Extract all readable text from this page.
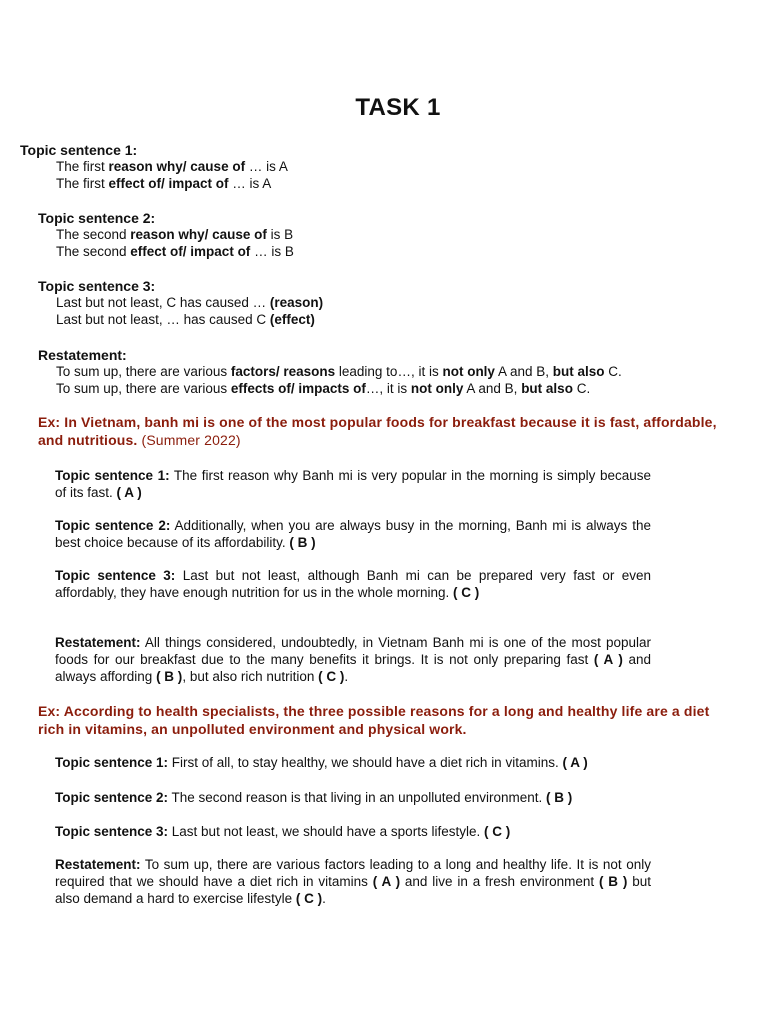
TASK 1
Topic sentence 1:
The first reason why/ cause of … is A
The first effect of/ impact of … is A
Topic sentence 2:
The second reason why/ cause of is B
The second effect of/ impact of … is B
Topic sentence 3:
Last but not least, C has caused … (reason)
Last but not least, … has caused C (effect)
Restatement:
To sum up, there are various factors/ reasons leading to…, it is not only A and B, but also C.
To sum up, there are various effects of/ impacts of…, it is not only A and B, but also C.
Ex: In Vietnam, banh mi is one of the most popular foods for breakfast because it is fast, affordable, and nutritious. (Summer 2022)
Topic sentence 1: The first reason why Banh mi is very popular in the morning is simply because of its fast. ( A )
Topic sentence 2: Additionally, when you are always busy in the morning, Banh mi is always the best choice because of its affordability. ( B )
Topic sentence 3: Last but not least, although Banh mi can be prepared very fast or even affordably, they have enough nutrition for us in the whole morning. ( C )
Restatement: All things considered, undoubtedly, in Vietnam Banh mi is one of the most popular foods for our breakfast due to the many benefits it brings. It is not only preparing fast ( A ) and always affording ( B ), but also rich nutrition ( C ).
Ex: According to health specialists, the three possible reasons for a long and healthy life are a diet rich in vitamins, an unpolluted environment and physical work.
Topic sentence 1: First of all, to stay healthy, we should have a diet rich in vitamins. ( A )
Topic sentence 2: The second reason is that living in an unpolluted environment. ( B )
Topic sentence 3: Last but not least, we should have a sports lifestyle. ( C )
Restatement: To sum up, there are various factors leading to a long and healthy life. It is not only required that we should have a diet rich in vitamins ( A ) and live in a fresh environment ( B ) but also demand a hard to exercise lifestyle ( C ).
